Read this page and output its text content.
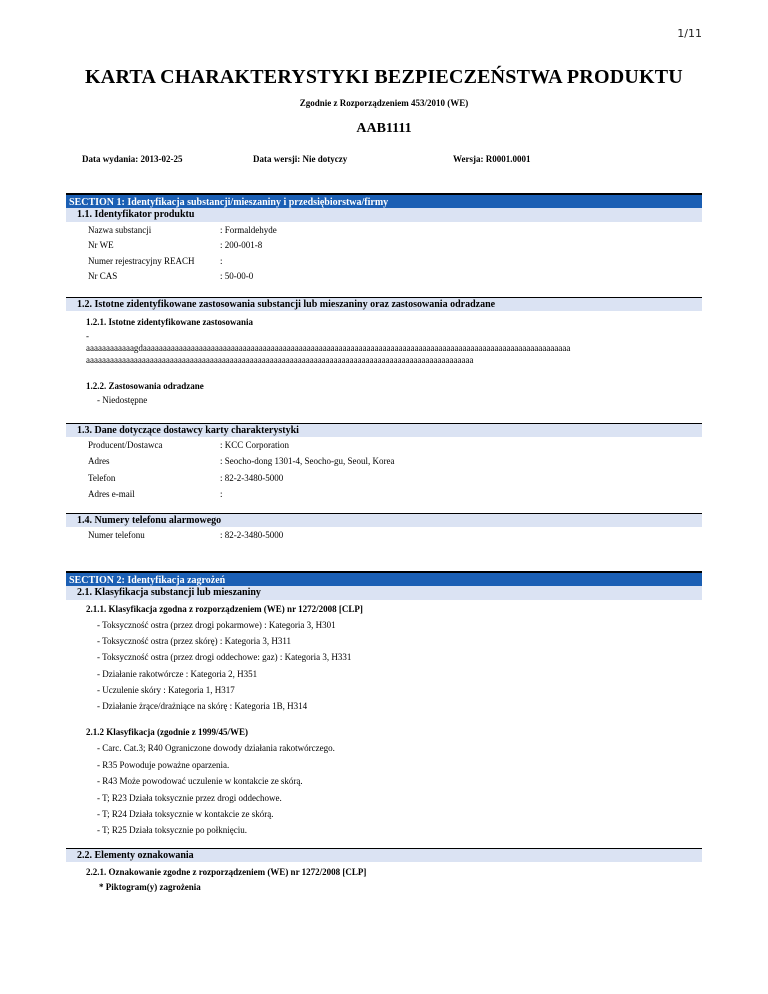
1/11
KARTA CHARAKTERYSTYKI BEZPIECZEŃSTWA PRODUKTU
Zgodnie z Rozporządzeniem 453/2010 (WE)
AAB1111
Data wydania: 2013-02-25	Data wersji: Nie dotyczy	Wersja: R0001.0001
SECTION 1: Identyfikacja substancji/mieszaniny i przedsiębiorstwa/firmy
1.1. Identyfikator produktu
Nazwa substancji	: Formaldehyde
Nr WE	: 200-001-8
Numer rejestracyjny REACH	:
Nr CAS	: 50-00-0
1.2. Istotne zidentyfikowane zastosowania substancji lub mieszaniny oraz zastosowania odradzane
1.2.1. Istotne zidentyfikowane zastosowania
-
aaaaaaaaaaaagdaaaaaaaaaaaaaaaaaaaaaaaaaaaaaaaaaaaaaaaaaaaaaaaaaaaaaaaaaaaaaaaaaaaaaaaaaaaaaaaaaaaaaaaaaaaaaaaaaaaaaaaaaaa
aaaaaaaaaaaaaaaaaaaaaaaaaaaaaaaaaaaaaaaaaaaaaaaaaaaaaaaaaaaaaaaaaaaaaaaaaaaaaaaaaaaaaaaaaaaaaaaaa
1.2.2. Zastosowania odradzane
- Niedostępne
1.3. Dane dotyczące dostawcy karty charakterystyki
Producent/Dostawca	: KCC Corporation
Adres	: Seocho-dong 1301-4, Seocho-gu, Seoul, Korea
Telefon	: 82-2-3480-5000
Adres e-mail	:
1.4. Numery telefonu alarmowego
Numer telefonu	: 82-2-3480-5000
SECTION 2: Identyfikacja zagrożeń
2.1. Klasyfikacja substancji lub mieszaniny
2.1.1. Klasyfikacja zgodna z rozporządzeniem (WE) nr 1272/2008 [CLP]
- Toksyczność ostra (przez drogi pokarmowe) : Kategoria 3, H301
- Toksyczność ostra (przez skórę) : Kategoria 3, H311
- Toksyczność ostra (przez drogi oddechowe: gaz) : Kategoria 3, H331
- Działanie rakotwórcze : Kategoria 2, H351
- Uczulenie skóry : Kategoria 1, H317
- Działanie żrące/drażniące na skórę : Kategoria 1B, H314
2.1.2 Klasyfikacja (zgodnie z 1999/45/WE)
- Carc. Cat.3; R40 Ograniczone dowody działania rakotwórczego.
- R35 Powoduje poważne oparzenia.
- R43 Może powodować uczulenie w kontakcie ze skórą.
- T; R23 Działa toksycznie przez drogi oddechowe.
- T; R24 Działa toksycznie w kontakcie ze skórą.
- T; R25 Działa toksycznie po połknięciu.
2.2. Elementy oznakowania
2.2.1. Oznakowanie zgodne z rozporządzeniem (WE) nr 1272/2008 [CLP]
* Piktogram(y) zagrożenia
